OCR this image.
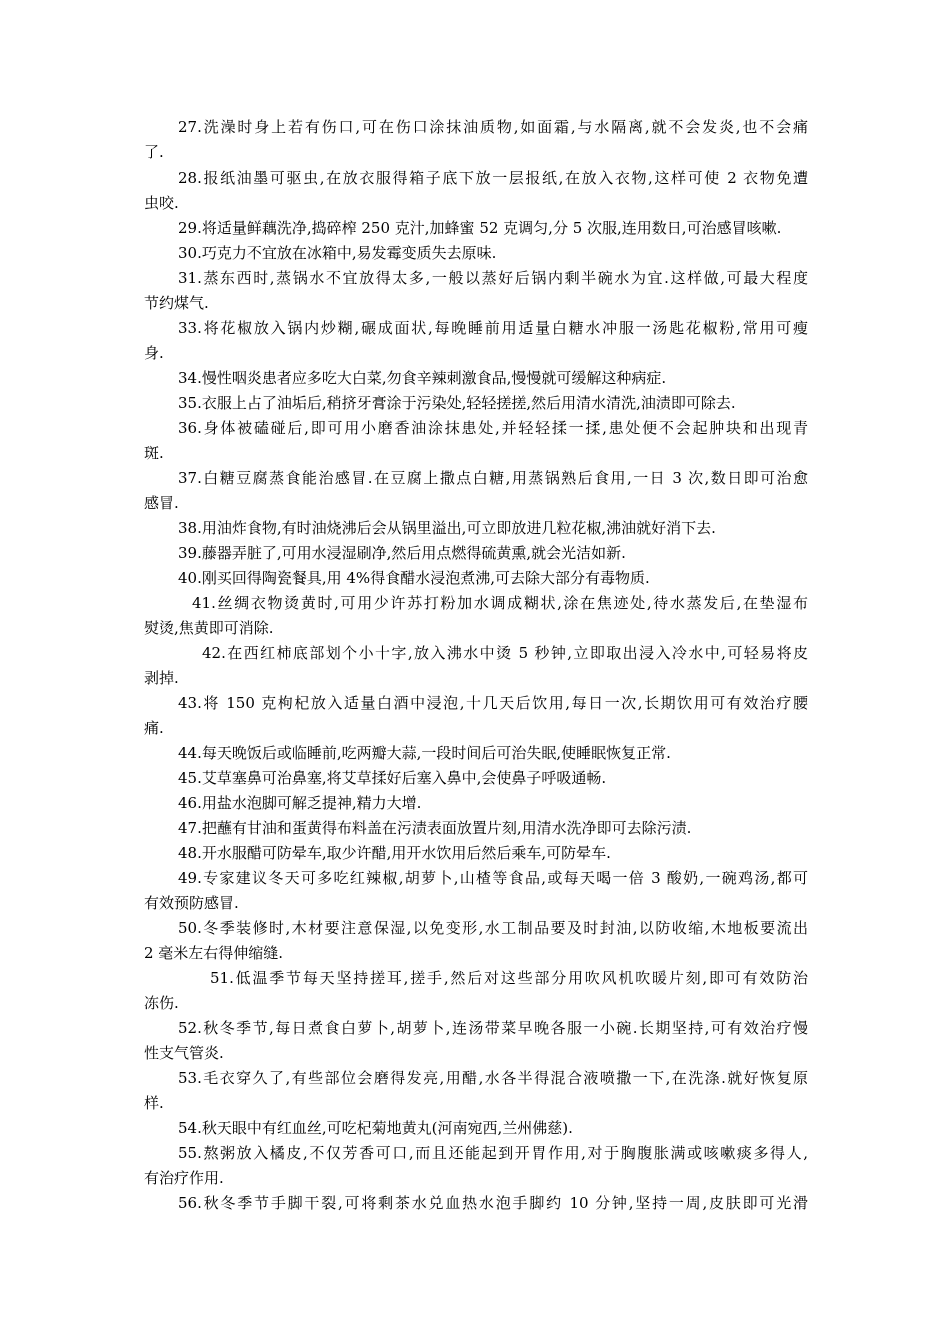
27.洗澡时身上若有伤口,可在伤口涂抹油质物,如面霜,与水隔离,就不会发炎,也不会痛
了.
28.报纸油墨可驱虫,在放衣服得箱子底下放一层报纸,在放入衣物,这样可使 2 衣物免遭
虫咬.
29.将适量鲜藕洗净,捣碎榨 250 克汁,加蜂蜜 52 克调匀,分 5 次服,连用数日,可治感冒咳嗽.
30.巧克力不宜放在冰箱中,易发霉变质失去原味.
31.蒸东西时,蒸锅水不宜放得太多,一般以蒸好后锅内剩半碗水为宜.这样做,可最大程度
节约煤气.
33.将花椒放入锅内炒糊,碾成面状,每晚睡前用适量白糖水冲服一汤匙花椒粉,常用可瘦
身.
34.慢性咽炎患者应多吃大白菜,勿食辛辣刺激食品,慢慢就可缓解这种病症.
35.衣服上占了油垢后,稍挤牙膏涂于污染处,轻轻搓搓,然后用清水清洗,油渍即可除去.
36.身体被磕碰后,即可用小磨香油涂抹患处,并轻轻揉一揉,患处便不会起肿块和出现青
斑.
37.白糖豆腐蒸食能治感冒.在豆腐上撒点白糖,用蒸锅熟后食用,一日 3 次,数日即可治愈
感冒.
38.用油炸食物,有时油烧沸后会从锅里溢出,可立即放进几粒花椒,沸油就好消下去.
39.藤器弄脏了,可用水浸湿刷净,然后用点燃得硫黄熏,就会光洁如新.
40.刚买回得陶瓷餐具,用 4%得食醋水浸泡煮沸,可去除大部分有毒物质.
41.丝绸衣物烫黄时,可用少许苏打粉加水调成糊状,涂在焦迹处,待水蒸发后,在垫湿布
熨烫,焦黄即可消除.
42.在西红柿底部划个小十字,放入沸水中烫 5 秒钟,立即取出浸入冷水中,可轻易将皮
剥掉.
43.将 150 克枸杞放入适量白酒中浸泡,十几天后饮用,每日一次,长期饮用可有效治疗腰
痛.
44.每天晚饭后或临睡前,吃两瓣大蒜,一段时间后可治失眠,使睡眠恢复正常.
45.艾草塞鼻可治鼻塞,将艾草揉好后塞入鼻中,会使鼻子呼吸通畅.
46.用盐水泡脚可解乏提神,精力大增.
47.把蘸有甘油和蛋黄得布料盖在污渍表面放置片刻,用清水洗净即可去除污渍.
48.开水服醋可防晕车,取少许醋,用开水饮用后然后乘车,可防晕车.
49.专家建议冬天可多吃红辣椒,胡萝卜,山楂等食品,或每天喝一倍 3 酸奶,一碗鸡汤,都可
有效预防感冒.
50.冬季装修时,木材要注意保湿,以免变形,水工制品要及时封油,以防收缩,木地板要流出
2 毫米左右得伸缩缝.
51.低温季节每天坚持搓耳,搓手,然后对这些部分用吹风机吹暖片刻,即可有效防治
冻伤.
52.秋冬季节,每日煮食白萝卜,胡萝卜,连汤带菜早晚各服一小碗.长期坚持,可有效治疗慢
性支气管炎.
53.毛衣穿久了,有些部位会磨得发亮,用醋,水各半得混合液喷撒一下,在洗涤.就好恢复原
样.
54.秋天眼中有红血丝,可吃杞菊地黄丸(河南宛西,兰州佛慈).
55.熬粥放入橘皮,不仅芳香可口,而且还能起到开胃作用,对于胸腹胀满或咳嗽痰多得人,
有治疗作用.
56.秋冬季节手脚干裂,可将剩茶水兑血热水泡手脚约 10 分钟,坚持一周,皮肤即可光滑
